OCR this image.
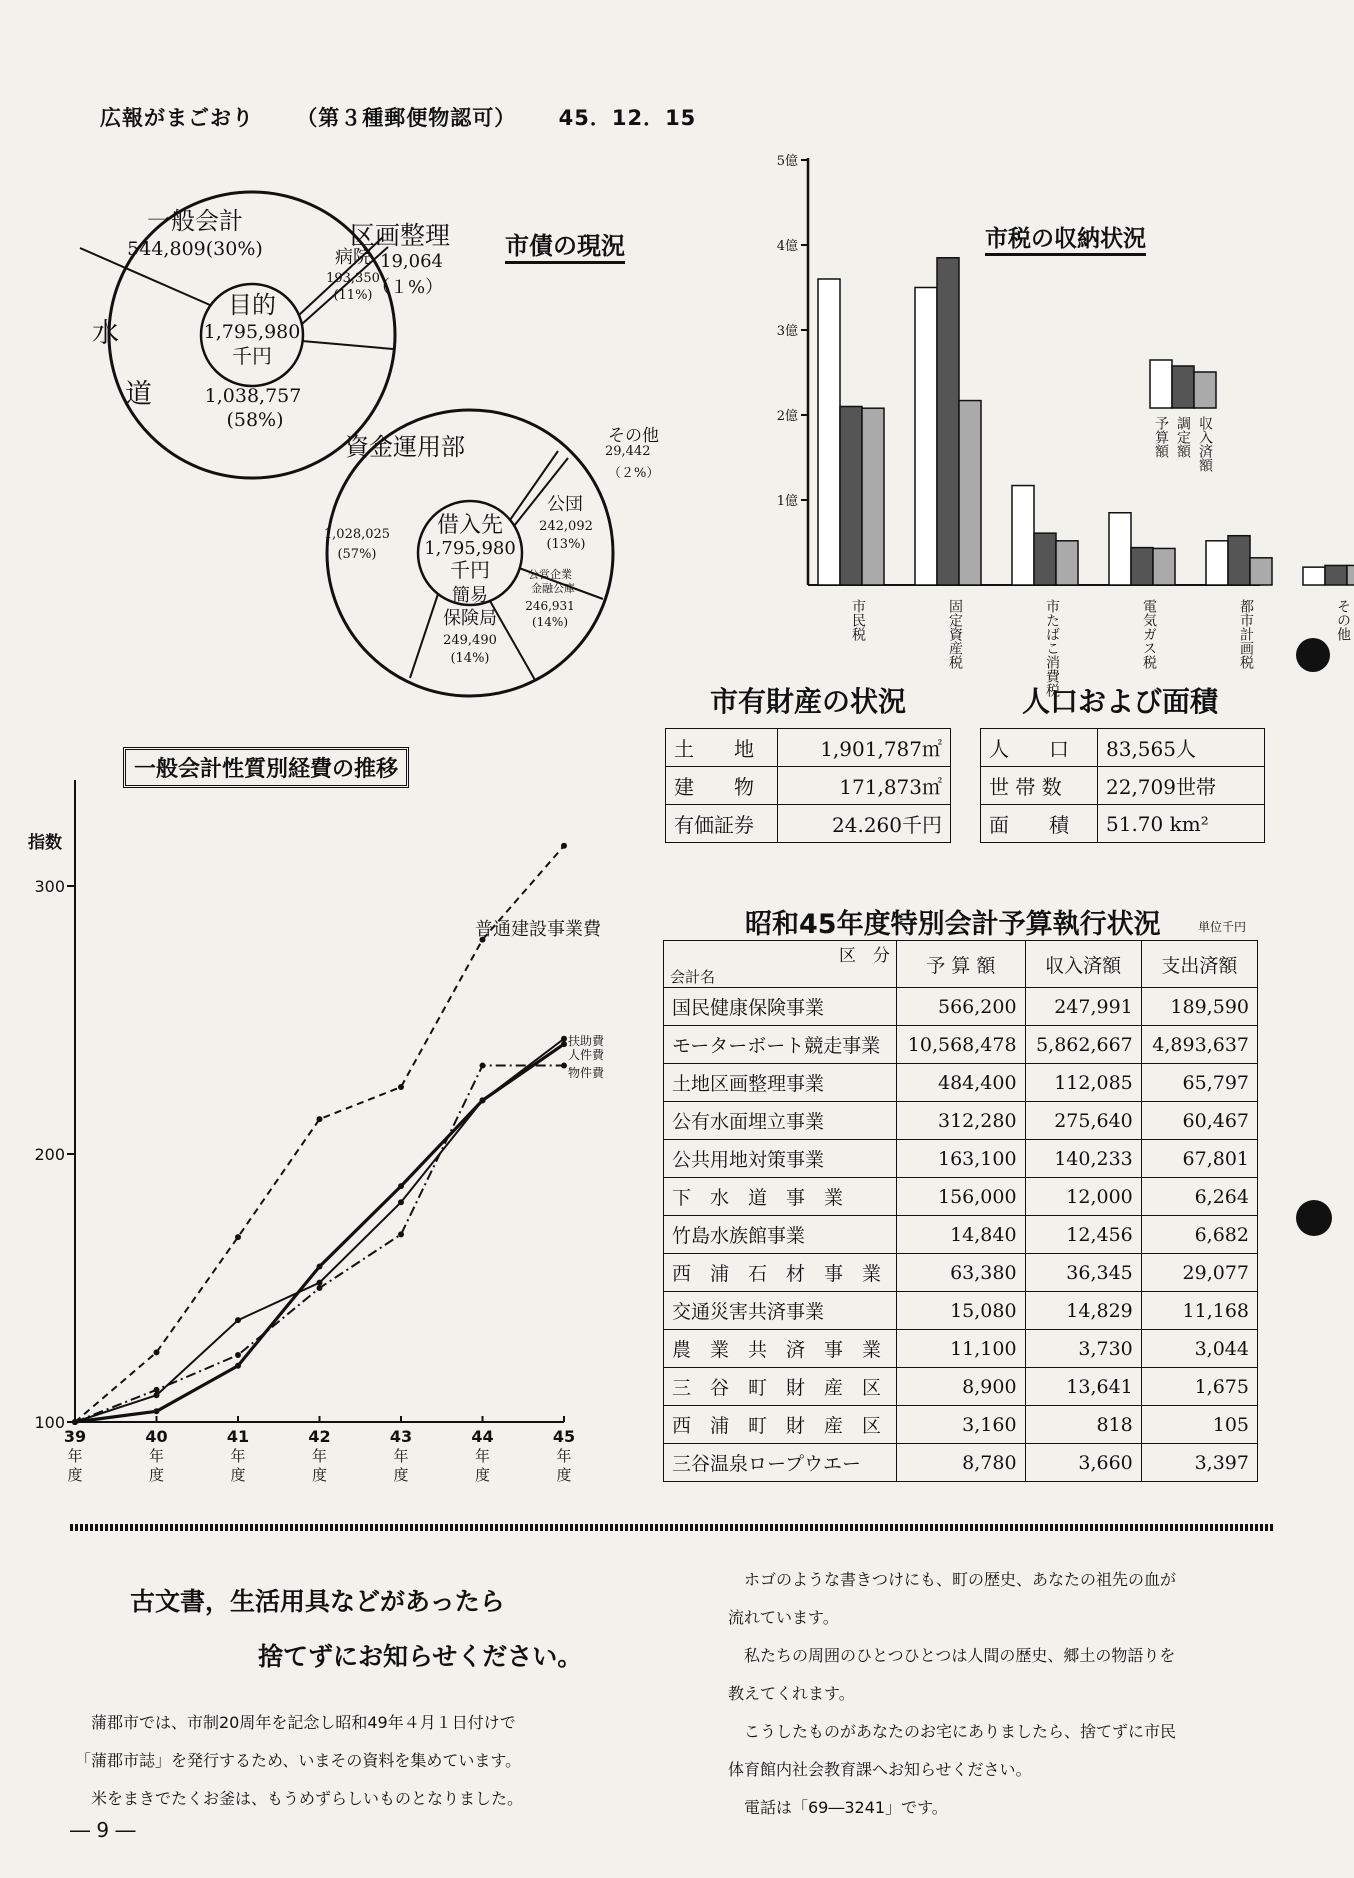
広報がまごおり （第３種郵便物認可） 45．12．15
市債の現況
目的
1,795,980
千円
一般会計
544,809(30%)	病院
193,350
(11%)
水
道	1,038,757
(58%)
区画整理
19,064
（１%）
資金運用部
1,028,025
(57%)
借入先
1,795,980
千円
公団
242,092
(13%)
公営企業
金融公庫
246,931
(14%)
簡易
保険局
249,490
(14%)
その他
29,442
（２%）
市税の収納状況
1億
2億
3億
4億
5億
市民税	固定資産税	市たばこ消費税	電気ガス税	都市計画税	その他
予算額 調定額 収入済額
市有財産の状況
土　　地	1,901,787㎡
建　　物	171,873㎡
有価証券	24.260千円
人口および面積
人　　口	83,565人
世 帯 数	22,709世帯
面　　積	51.70 km²
一般会計性質別経費の推移
指数
100
200
300
39
年
度
40
年
度
41
年
度
42
年
度
43
年
度
44
年
度
45
年
度
普通建設事業費
扶助費
人件費
物件費
昭和45年度特別会計予算執行状況	単位千円
区　分
会計名	予 算 額	収入済額	支出済額
国民健康保険事業	566,200	247,991	189,590
モーターボート競走事業	10,568,478	5,862,667	4,893,637
土地区画整理事業	484,400	112,085	65,797
公有水面埋立事業	312,280	275,640	60,467
公共用地対策事業	163,100	140,233	67,801
下　水　道　事　業	156,000	12,000	6,264
竹島水族館事業	14,840	12,456	6,682
西　浦　石　材　事　業	63,380	36,345	29,077
交通災害共済事業	15,080	14,829	11,168
農　業　共　済　事　業	11,100	3,730	3,044
三　谷　町　財　産　区	8,900	13,641	1,675
西　浦　町　財　産　区	3,160	818	105
三谷温泉ロープウエー	8,780	3,660	3,397
古文書，生活用具などがあったら
捨てずにお知らせください。
蒲郡市では、市制20周年を記念し昭和49年４月１日付けで
「蒲郡市誌」を発行するため、いまその資料を集めています。
米をまきでたくお釜は、もうめずらしいものとなりました。
ホゴのような書きつけにも、町の歴史、あなたの祖先の血が
流れています。
私たちの周囲のひとつひとつは人間の歴史、郷土の物語りを
教えてくれます。
こうしたものがあなたのお宅にありましたら、捨てずに市民
体育館内社会教育課へお知らせください。
電話は「69―3241」です。
― 9 ―
